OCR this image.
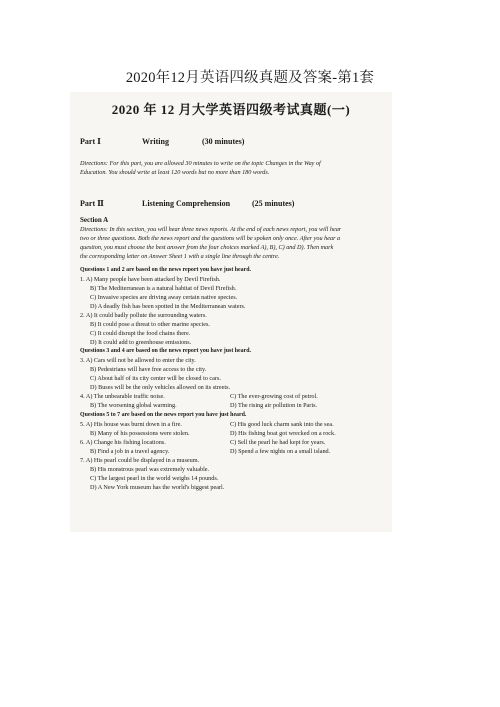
2020年12月英语四级真题及答案-第1套
2020 年 12 月大学英语四级考试真题(一)
Part Ⅰ	Writing	(30 minutes)
Directions: For this part, you are allowed 30 minutes to write on the topic Changes in the Way of
Education. You should write at least 120 words but no more than 180 words.
Part Ⅱ	Listening Comprehension	(25 minutes)
Section A
Directions: In this section, you will hear three news reports. At the end of each news report, you will hear
two or three questions. Both the news report and the questions will be spoken only once. After you hear a
question, you must choose the best answer from the four choices marked A), B), C) and D). Then mark
the corresponding letter on Answer Sheet 1 with a single line through the centre.
Questions 1 and 2 are based on the news report you have just heard.
1. A) Many people have been attacked by Devil Firefish.
B) The Mediterranean is a natural habitat of Devil Firefish.
C) Invasive species are driving away certain native species.
D) A deadly fish has been spotted in the Mediterranean waters.
2. A) It could badly pollute the surrounding waters.
B) It could pose a threat to other marine species.
C) It could disrupt the food chains there.
D) It could add to greenhouse emissions.
Questions 3 and 4 are based on the news report you have just heard.
3. A) Cars will not be allowed to enter the city.
B) Pedestrians will have free access to the city.
C) About half of its city center will be closed to cars.
D) Buses will be the only vehicles allowed on its streets.
4. A) The unbearable traffic noise.	C) The ever-growing cost of petrol.
B) The worsening global warming.	D) The rising air pollution in Paris.
Questions 5 to 7 are based on the news report you have just heard.
5. A) His house was burnt down in a fire.	C) His good luck charm sank into the sea.
B) Many of his possessions were stolen.	D) His fishing boat got wrecked on a rock.
6. A) Change his fishing locations.	C) Sell the pearl he had kept for years.
B) Find a job in a travel agency.	D) Spend a few nights on a small island.
7. A) His pearl could be displayed in a museum.
B) His monstrous pearl was extremely valuable.
C) The largest pearl in the world weighs 14 pounds.
D) A New York museum has the world's biggest pearl.
